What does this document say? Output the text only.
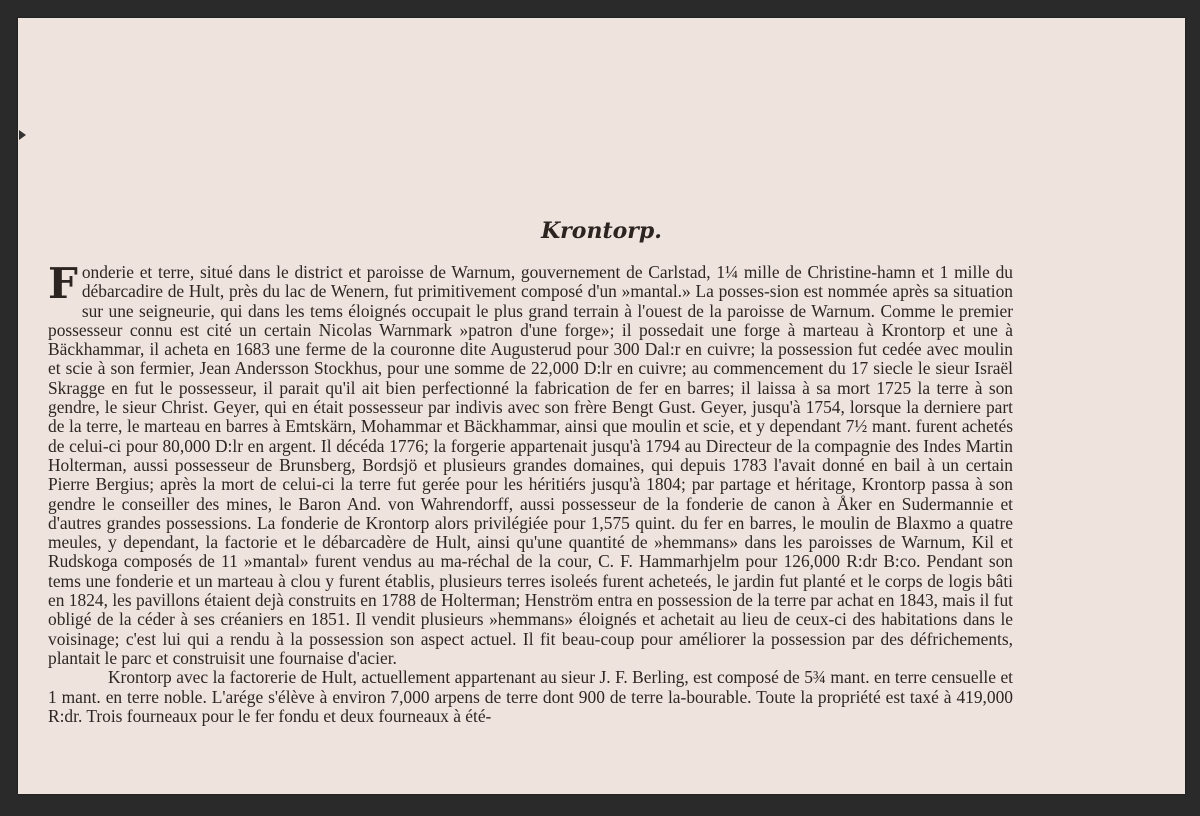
Krontorp.
F onderie et terre, situé dans le district et paroisse de Warnum, gouvernement de Carlstad, 1¼ mille de Christine-hamn et 1 mille du débarcadire de Hult, près du lac de Wenern, fut primitivement composé d'un »mantal.» La posses-sion est nommée après sa situation sur une seigneurie, qui dans les tems éloignés occupait le plus grand terrain à l'ouest de la paroisse de Warnum. Comme le premier possesseur connu est cité un certain Nicolas Warnmark »patron d'une forge»; il possedait une forge à marteau à Krontorp et une à Bäckhammar, il acheta en 1683 une ferme de la couronne dite Augusterud pour 300 Dal:r en cuivre; la possession fut cedée avec moulin et scie à son fermier, Jean Andersson Stockhus, pour une somme de 22,000 D:lr en cuivre; au commencement du 17 siecle le sieur Israël Skragge en fut le possesseur, il parait qu'il ait bien perfectionné la fabrication de fer en barres; il laissa à sa mort 1725 la terre à son gendre, le sieur Christ. Geyer, qui en était possesseur par indivis avec son frère Bengt Gust. Geyer, jusqu'à 1754, lorsque la derniere part de la terre, le marteau en barres à Emtskärn, Mohammar et Bäckhammar, ainsi que moulin et scie, et y dependant 7½ mant. furent achetés de celui-ci pour 80,000 D:lr en argent. Il décéda 1776; la forgerie appartenait jusqu'à 1794 au Directeur de la compagnie des Indes Martin Holterman, aussi possesseur de Brunsberg, Bordsjö et plusieurs grandes domaines, qui depuis 1783 l'avait donné en bail à un certain Pierre Bergius; après la mort de celui-ci la terre fut gerée pour les héritiérs jusqu'à 1804; par partage et héritage, Krontorp passa à son gendre le conseiller des mines, le Baron And. von Wahrendorff, aussi possesseur de la fonderie de canon à Åker en Sudermannie et d'autres grandes possessions. La fonderie de Krontorp alors privilégiée pour 1,575 quint. du fer en barres, le moulin de Blaxmo a quatre meules, y dependant, la factorie et le débarcadère de Hult, ainsi qu'une quantité de »hemmans» dans les paroisses de Warnum, Kil et Rudskoga composés de 11 »mantal» furent vendus au ma-réchal de la cour, C. F. Hammarhjelm pour 126,000 R:dr B:co. Pendant son tems une fonderie et un marteau à clou y furent établis, plusieurs terres isoleés furent acheteés, le jardin fut planté et le corps de logis bâti en 1824, les pavillons étaient dejà construits en 1788 de Holterman; Henström entra en possession de la terre par achat en 1843, mais il fut obligé de la céder à ses créaniers en 1851. Il vendit plusieurs »hemmans» éloignés et achetait au lieu de ceux-ci des habitations dans le voisinage; c'est lui qui a rendu à la possession son aspect actuel. Il fit beau-coup pour améliorer la possession par des défrichements, plantait le parc et construisit une fournaise d'acier.

Krontorp avec la factorerie de Hult, actuellement appartenant au sieur J. F. Berling, est composé de 5¾ mant. en terre censuelle et 1 mant. en terre noble. L'arége s'élève à environ 7,000 arpens de terre dont 900 de terre la-bourable. Toute la propriété est taxé à 419,000 R:dr. Trois fourneaux pour le fer fondu et deux fourneaux à été-
